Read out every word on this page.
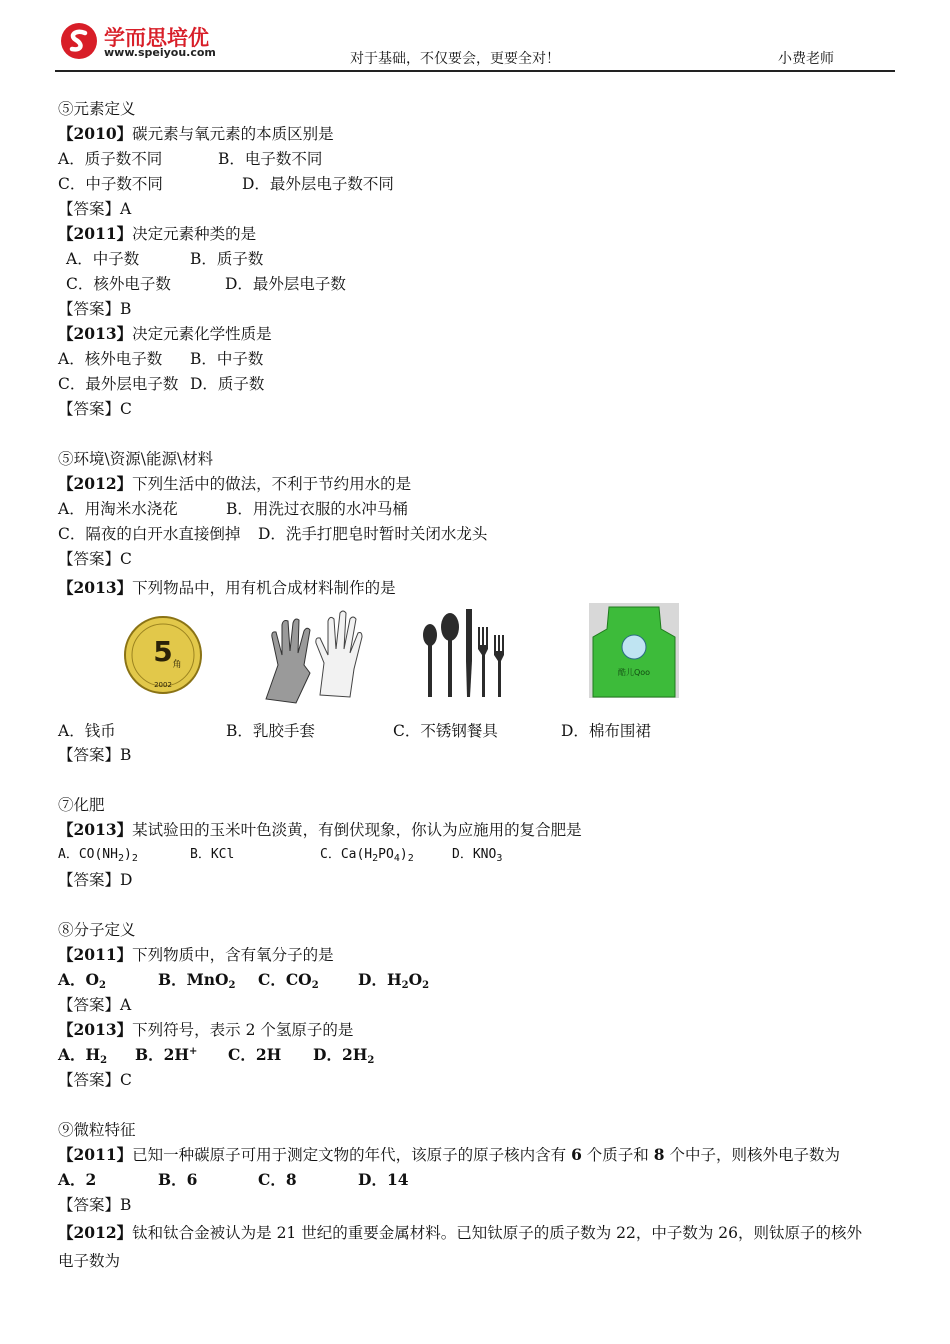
学而思培优
www.speiyou.com	对于基础，不仅要会，更要全对！	小费老师
⑤元素定义
【2010】碳元素与氧元素的本质区别是
A．质子数不同	B．电子数不同
C．中子数不同	D．最外层电子数不同
【答案】A
【2011】决定元素种类的是
A．中子数	B．质子数
C．核外电子数	D．最外层电子数
【答案】B
【2013】决定元素化学性质是
A．核外电子数 B．中子数
C．最外层电子数 D．质子数
【答案】C
⑤环境\资源\能源\材料
【2012】下列生活中的做法，不利于节约用水的是
A．用淘米水浇花	B．用洗过衣服的水冲马桶
C．隔夜的白开水直接倒掉 D．洗手打肥皂时暂时关闭水龙头
【答案】C
【2013】下列物品中，用有机合成材料制作的是
5 角
2002
酷儿Qoo
A．钱币	B．乳胶手套	C．不锈钢餐具	D．棉布围裙
【答案】B
⑦化肥
【2013】某试验田的玉米叶色淡黄，有倒伏现象，你认为应施用的复合肥是
A．$CO(NH_2)_2$	B．KCl	C．$Ca(H_2PO_4)_2$	D．$KNO_3$
【答案】D
⑧分子定义
【2011】下列物质中，含有氧分子的是
A．$O_2$	B．MnO$_2$ C．$CO_2$	D．$H_2O_2$
【答案】A
【2013】下列符号，表示 2 个氢原子的是
A．$H_2$ B．2H+ C．2H D．$2H_2$
【答案】C
⑨微粒特征
【2011】已知一种碳原子可用于测定文物的年代，该原子的原子核内含有 6 个质子和 8 个中子，则核外电子数为
A．2	B．6	C．8	D．14
【答案】B
【2012】钛和钛合金被认为是 21 世纪的重要金属材料。已知钛原子的质子数为 22，中子数为 26，则钛原子的核外
电子数为
